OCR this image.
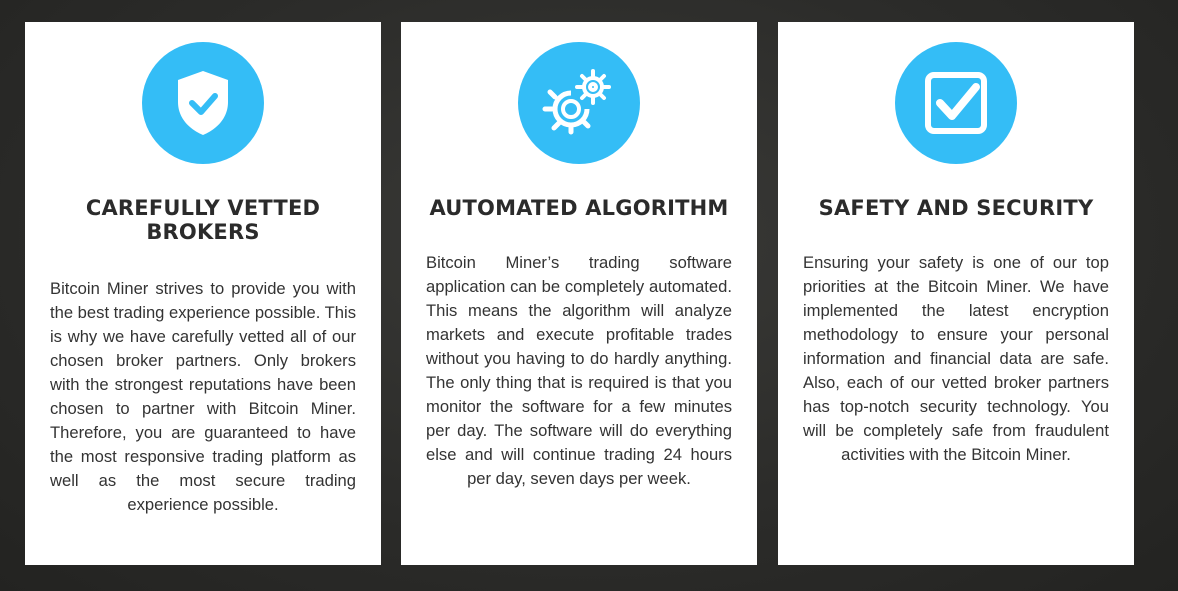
CAREFULLY VETTED BROKERS

Bitcoin Miner strives to provide you with the best trading experience possible. This is why we have carefully vetted all of our chosen broker partners. Only brokers with the strongest reputations have been chosen to partner with Bitcoin Miner. Therefore, you are guaranteed to have the most responsive trading platform as well as the most secure trading experience possible.

AUTOMATED ALGORITHM

Bitcoin Miner’s trading software application can be completely automated. This means the algorithm will analyze markets and execute profitable trades without you having to do hardly anything. The only thing that is required is that you monitor the software for a few minutes per day. The software will do everything else and will continue trading 24 hours per day, seven days per week.

SAFETY AND SECURITY

Ensuring your safety is one of our top priorities at the Bitcoin Miner. We have implemented the latest encryption methodology to ensure your personal information and financial data are safe. Also, each of our vetted broker partners has top-notch security technology. You will be completely safe from fraudulent activities with the Bitcoin Miner.
